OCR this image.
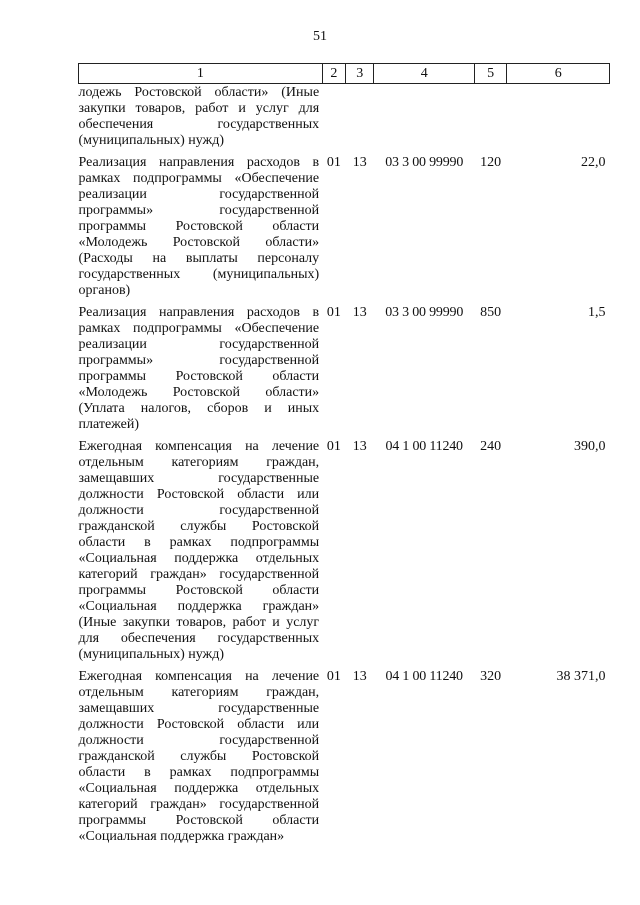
51
1	2	3	4	5	6
лодежь Ростовской области» (Иные закупки товаров, работ и услуг для обеспечения государственных (муниципальных) нужд)					
Реализация направления расходов в рамках подпрограммы «Обеспечение реализации государственной программы» государственной программы Ростовской области «Молодежь Ростовской области» (Расходы на выплаты персоналу государственных (муниципальных) органов)	01	13	03 3 00 99990	120	22,0
Реализация направления расходов в рамках подпрограммы «Обеспечение реализации государственной программы» государственной программы Ростовской области «Молодежь Ростовской области» (Уплата налогов, сборов и иных платежей)	01	13	03 3 00 99990	850	1,5
Ежегодная компенсация на лечение отдельным категориям граждан, замещавших государственные должности Ростовской области или должности государственной гражданской службы Ростовской области в рамках подпрограммы «Социальная поддержка отдельных категорий граждан» государственной программы Ростовской области «Социальная поддержка граждан» (Иные закупки товаров, работ и услуг для обеспечения государственных (муниципальных) нужд)	01	13	04 1 00 11240	240	390,0
Ежегодная компенсация на лечение отдельным категориям граждан, замещавших государственные должности Ростовской области или должности государственной гражданской службы Ростовской области в рамках подпрограммы «Социальная поддержка отдельных категорий граждан» государственной программы Ростовской области «Социальная поддержка граждан»	01	13	04 1 00 11240	320	38 371,0
